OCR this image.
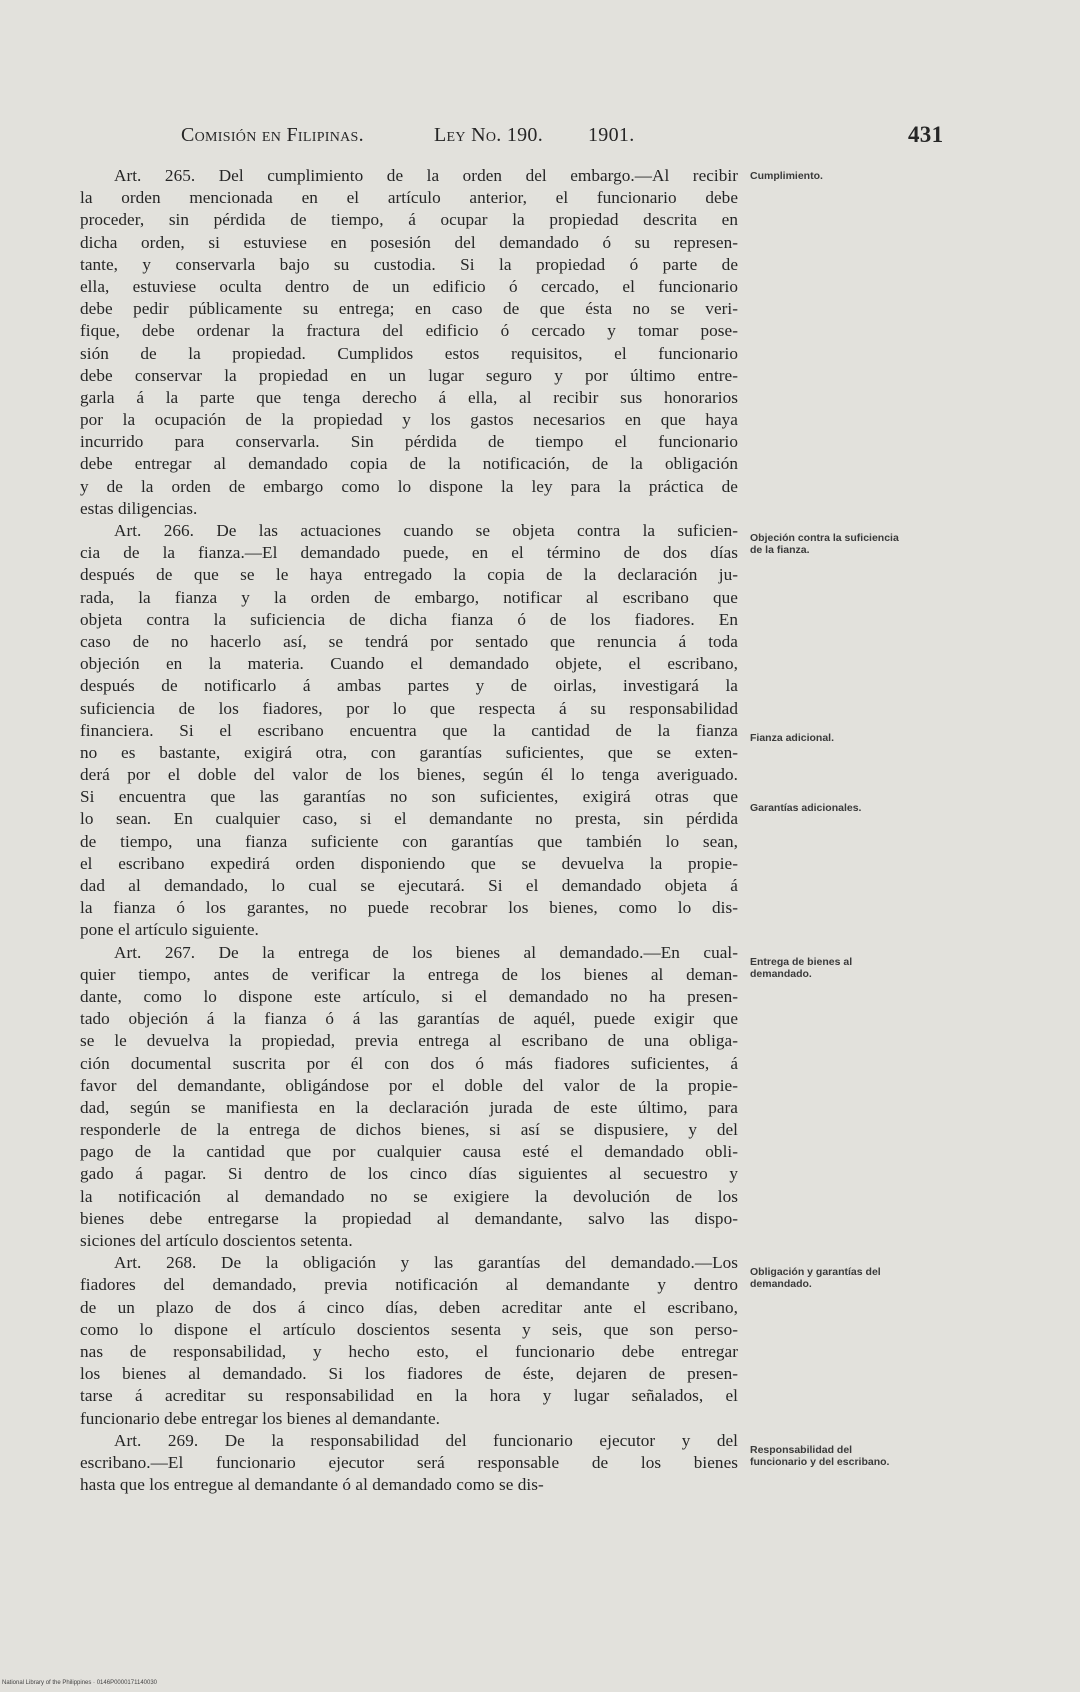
Comisión en Filipinas.	Ley No. 190. 1901.	431
Art. 265. Del cumplimiento de la orden del embargo.—Al recibir
la orden mencionada en el artículo anterior, el funcionario debe
proceder, sin pérdida de tiempo, á ocupar la propiedad descrita en
dicha orden, si estuviese en posesión del demandado ó su represen-
tante, y conservarla bajo su custodia. Si la propiedad ó parte de
ella, estuviese oculta dentro de un edificio ó cercado, el funcionario
debe pedir públicamente su entrega; en caso de que ésta no se veri-
fique, debe ordenar la fractura del edificio ó cercado y tomar pose-
sión de la propiedad. Cumplidos estos requisitos, el funcionario
debe conservar la propiedad en un lugar seguro y por último entre-
garla á la parte que tenga derecho á ella, al recibir sus honorarios
por la ocupación de la propiedad y los gastos necesarios en que haya
incurrido para conservarla. Sin pérdida de tiempo el funcionario
debe entregar al demandado copia de la notificación, de la obligación
y de la orden de embargo como lo dispone la ley para la práctica de
estas diligencias.
Art. 266. De las actuaciones cuando se objeta contra la suficien-
cia de la fianza.—El demandado puede, en el término de dos días
después de que se le haya entregado la copia de la declaración ju-
rada, la fianza y la orden de embargo, notificar al escribano que
objeta contra la suficiencia de dicha fianza ó de los fiadores. En
caso de no hacerlo así, se tendrá por sentado que renuncia á toda
objeción en la materia. Cuando el demandado objete, el escribano,
después de notificarlo á ambas partes y de oirlas, investigará la
suficiencia de los fiadores, por lo que respecta á su responsabilidad
financiera. Si el escribano encuentra que la cantidad de la fianza
no es bastante, exigirá otra, con garantías suficientes, que se exten-
derá por el doble del valor de los bienes, según él lo tenga averiguado.
Si encuentra que las garantías no son suficientes, exigirá otras que
lo sean. En cualquier caso, si el demandante no presta, sin pérdida
de tiempo, una fianza suficiente con garantías que también lo sean,
el escribano expedirá orden disponiendo que se devuelva la propie-
dad al demandado, lo cual se ejecutará. Si el demandado objeta á
la fianza ó los garantes, no puede recobrar los bienes, como lo dis-
pone el artículo siguiente.
Art. 267. De la entrega de los bienes al demandado.—En cual-
quier tiempo, antes de verificar la entrega de los bienes al deman-
dante, como lo dispone este artículo, si el demandado no ha presen-
tado objeción á la fianza ó á las garantías de aquél, puede exigir que
se le devuelva la propiedad, previa entrega al escribano de una obliga-
ción documental suscrita por él con dos ó más fiadores suficientes, á
favor del demandante, obligándose por el doble del valor de la propie-
dad, según se manifiesta en la declaración jurada de este último, para
responderle de la entrega de dichos bienes, si así se dispusiere, y del
pago de la cantidad que por cualquier causa esté el demandado obli-
gado á pagar. Si dentro de los cinco días siguientes al secuestro y
la notificación al demandado no se exigiere la devolución de los
bienes debe entregarse la propiedad al demandante, salvo las dispo-
siciones del artículo doscientos setenta.
Art. 268. De la obligación y las garantías del demandado.—Los
fiadores del demandado, previa notificación al demandante y dentro
de un plazo de dos á cinco días, deben acreditar ante el escribano,
como lo dispone el artículo doscientos sesenta y seis, que son perso-
nas de responsabilidad, y hecho esto, el funcionario debe entregar
los bienes al demandado. Si los fiadores de éste, dejaren de presen-
tarse á acreditar su responsabilidad en la hora y lugar señalados, el
funcionario debe entregar los bienes al demandante.
Art. 269. De la responsabilidad del funcionario ejecutor y del
escribano.—El funcionario ejecutor será responsable de los bienes
hasta que los entregue al demandante ó al demandado como se dis-
Cumplimiento.
Objeción contra la suficiencia de la fianza.
Fianza adicional.
Garantías adicionales.
Entrega de bienes al demandado.
Obligación y garantías del demandado.
Responsabilidad del funcionario y del escribano.
National Library of the Philippines · 0146P0000171140030
